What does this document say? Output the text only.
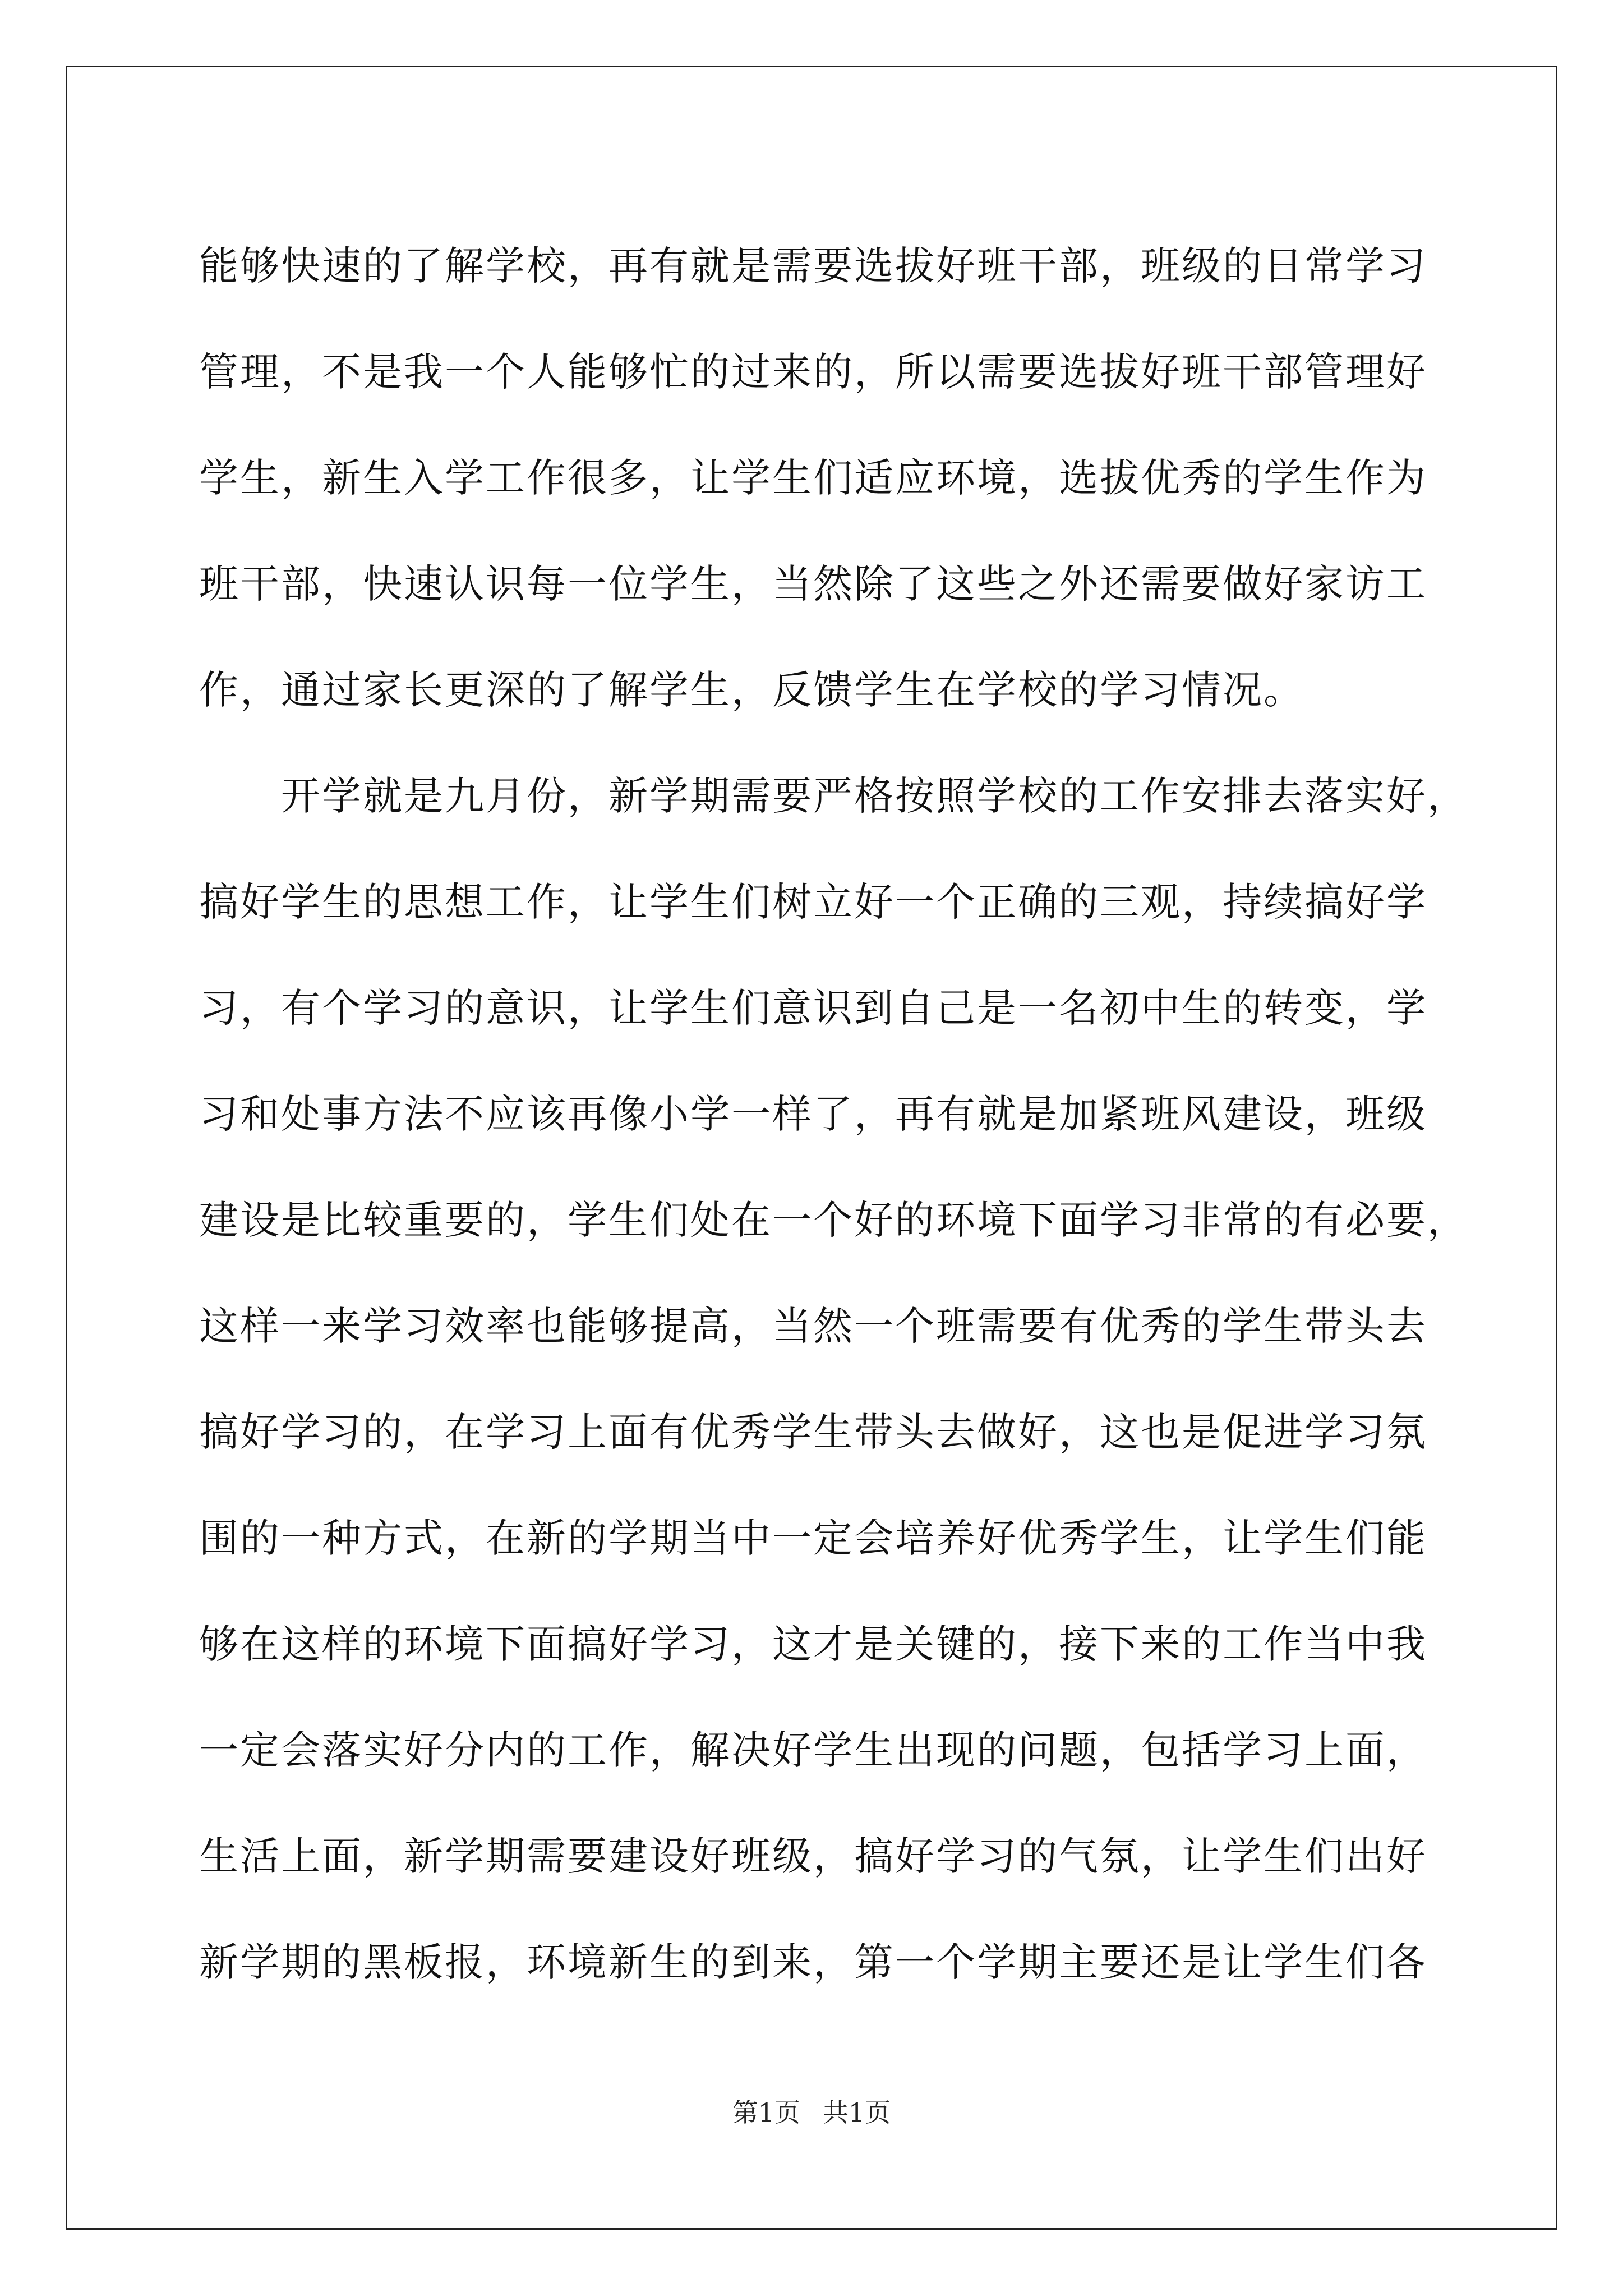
能够快速的了解学校，再有就是需要选拔好班干部，班级的日常学习
管理，不是我一个人能够忙的过来的，所以需要选拔好班干部管理好
学生，新生入学工作很多，让学生们适应环境，选拔优秀的学生作为
班干部，快速认识每一位学生，当然除了这些之外还需要做好家访工
作，通过家长更深的了解学生，反馈学生在学校的学习情况。
　　开学就是九月份，新学期需要严格按照学校的工作安排去落实好，
搞好学生的思想工作，让学生们树立好一个正确的三观，持续搞好学
习，有个学习的意识，让学生们意识到自己是一名初中生的转变，学
习和处事方法不应该再像小学一样了，再有就是加紧班风建设，班级
建设是比较重要的，学生们处在一个好的环境下面学习非常的有必要，
这样一来学习效率也能够提高，当然一个班需要有优秀的学生带头去
搞好学习的，在学习上面有优秀学生带头去做好，这也是促进学习氛
围的一种方式，在新的学期当中一定会培养好优秀学生，让学生们能
够在这样的环境下面搞好学习，这才是关键的，接下来的工作当中我
一定会落实好分内的工作，解决好学生出现的问题，包括学习上面，
生活上面，新学期需要建设好班级，搞好学习的气氛，让学生们出好
新学期的黑板报，环境新生的到来，第一个学期主要还是让学生们各
第1页 共1页
